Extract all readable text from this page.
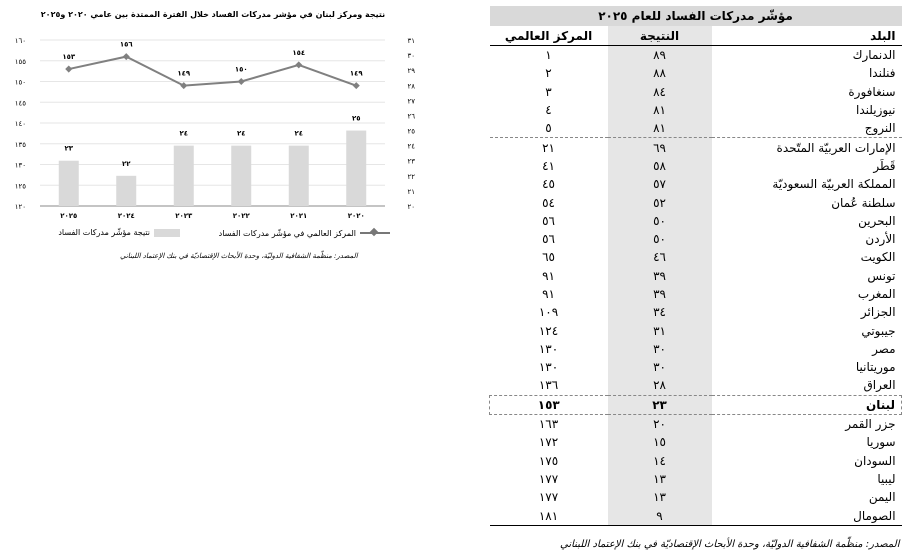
نتيجة ومركز لبنان في مؤشر مدركات الفساد خلال الفترة الممتدة بين عامي ٢٠٢٠ و٢٠٢٥
١٢٠
١٢٥
١٣٠
١٣٥
١٤٠
١٤٥
١٥٠
١٥٥
١٦٠
٢٠
٢١
٢٢
٢٣
٢٤
٢٥
٢٦
٢٧
٢٨
٢٩
٣٠
٣١
٢٣
٢٢
٢٤	٢٤	٢٤
٢٥
١٥٣
١٥٦
١٤٩
١٥٠
١٥٤
١٤٩
٢٠٢٥	٢٠٢٤	٢٠٢٣	٢٠٢٢	٢٠٢١	٢٠٢٠
المركز العالمي في مؤشّر مدركات الفساد
نتيجة مؤشّر مدركات الفساد
المصدر: منظّمة الشفافية الدوليّة، وحدة الأبحاث الإقتصاديّة في بنك الإعتماد اللبناني
مؤشّر مدركات الفساد للعام ٢٠٢٥		
البلد	النتيجة	المركز العالمي
الدنمارك	٨٩	١
فنلندا	٨٨	٢
سنغافورة	٨٤	٣
نيوزيلندا	٨١	٤
النروج	٨١	٥
الإمارات العربيّة المتّحدة	٦٩	٢١
قَطَر	٥٨	٤١
المملكة العربيّة السعوديّة	٥٧	٤٥
سلطنة عُمان	٥٢	٥٤
البحرين	٥٠	٥٦
الأردن	٥٠	٥٦
الكويت	٤٦	٦٥
تونس	٣٩	٩١
المغرب	٣٩	٩١
الجزائر	٣٤	١٠٩
جيبوتي	٣١	١٢٤
مصر	٣٠	١٣٠
موريتانيا	٣٠	١٣٠
العراق	٢٨	١٣٦
لبنان	٢٣	١٥٣
جزر القمر	٢٠	١٦٣
سوريا	١٥	١٧٢
السودان	١٤	١٧٥
ليبيا	١٣	١٧٧
اليمن	١٣	١٧٧
الصومال	٩	١٨١
المصدر: منظّمة الشفافية الدوليّة، وحدة الأبحاث الإقتصاديّة في بنك الإعتماد اللبناني
